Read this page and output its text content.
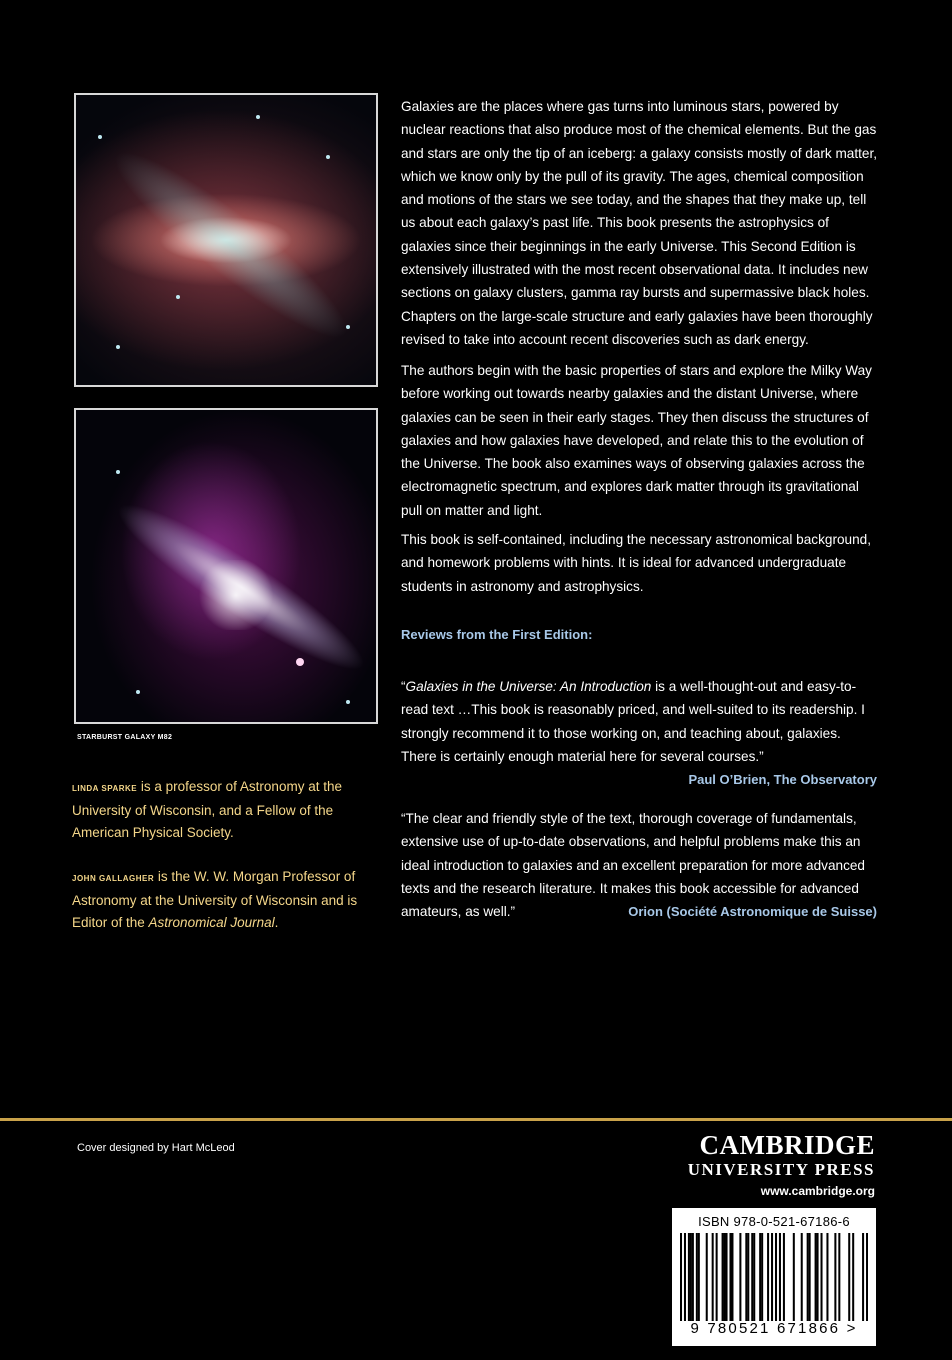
STARBURST GALAXY M82
LINDA SPARKE is a professor of Astronomy at the University of Wisconsin, and a Fellow of the American Physical Society.
JOHN GALLAGHER is the W. W. Morgan Professor of Astronomy at the University of Wisconsin and is Editor of the Astronomical Journal.

Galaxies are the places where gas turns into luminous stars, powered by nuclear reactions that also produce most of the chemical elements. But the gas and stars are only the tip of an iceberg: a galaxy consists mostly of dark matter, which we know only by the pull of its gravity. The ages, chemical composition and motions of the stars we see today, and the shapes that they make up, tell us about each galaxy’s past life. This book presents the astrophysics of galaxies since their beginnings in the early Universe. This Second Edition is extensively illustrated with the most recent observational data. It includes new sections on galaxy clusters, gamma ray bursts and supermassive black holes. Chapters on the large-scale structure and early galaxies have been thoroughly revised to take into account recent discoveries such as dark energy.

The authors begin with the basic properties of stars and explore the Milky Way before working out towards nearby galaxies and the distant Universe, where galaxies can be seen in their early stages. They then discuss the structures of galaxies and how galaxies have developed, and relate this to the evolution of the Universe. The book also examines ways of observing galaxies across the electromagnetic spectrum, and explores dark matter through its gravitational pull on matter and light.

This book is self-contained, including the necessary astronomical background, and homework problems with hints. It is ideal for advanced undergraduate students in astronomy and astrophysics.

Reviews from the First Edition:
“Galaxies in the Universe: An Introduction is a well-thought-out and easy-to-read text …This book is reasonably priced, and well-suited to its readership. I strongly recommend it to those working on, and teaching about, galaxies. There is certainly enough material here for several courses.”
Paul O’Brien, The Observatory
“The clear and friendly style of the text, thorough coverage of fundamentals, extensive use of up-to-date observations, and helpful problems make this an ideal introduction to galaxies and an excellent preparation for more advanced texts and the research literature. It makes this book accessible for advanced amateurs, as well.”	Orion (Société Astronomique de Suisse)
Cover designed by Hart McLeod	CAMBRIDGE
UNIVERSITY PRESS
www.cambridge.org
ISBN 978-0-521-67186-6
9 780521 671866 >
